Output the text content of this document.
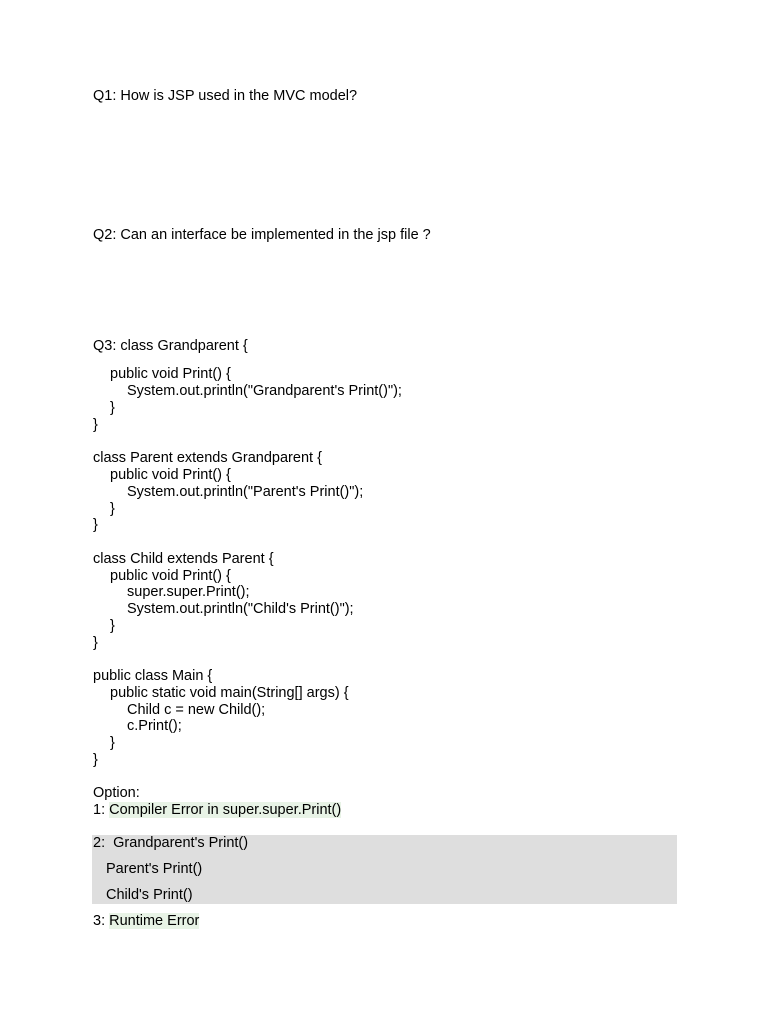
Q1: How is JSP used in the MVC model?

Q2: Can an interface be implemented in the jsp file ?

Q3: class Grandparent {

public void Print() {

System.out.println("Grandparent's Print()");

}

}

class Parent extends Grandparent {

public void Print() {

System.out.println("Parent's Print()");

}

}

class Child extends Parent {

public void Print() {

super.super.Print();

System.out.println("Child's Print()");

}

}

public class Main {

public static void main(String[] args) {

Child c = new Child();

c.Print();

}

}

Option:

1: Compiler Error in super.super.Print()

2:  Grandparent's Print()

Parent's Print()

Child's Print()

3: Runtime Error
